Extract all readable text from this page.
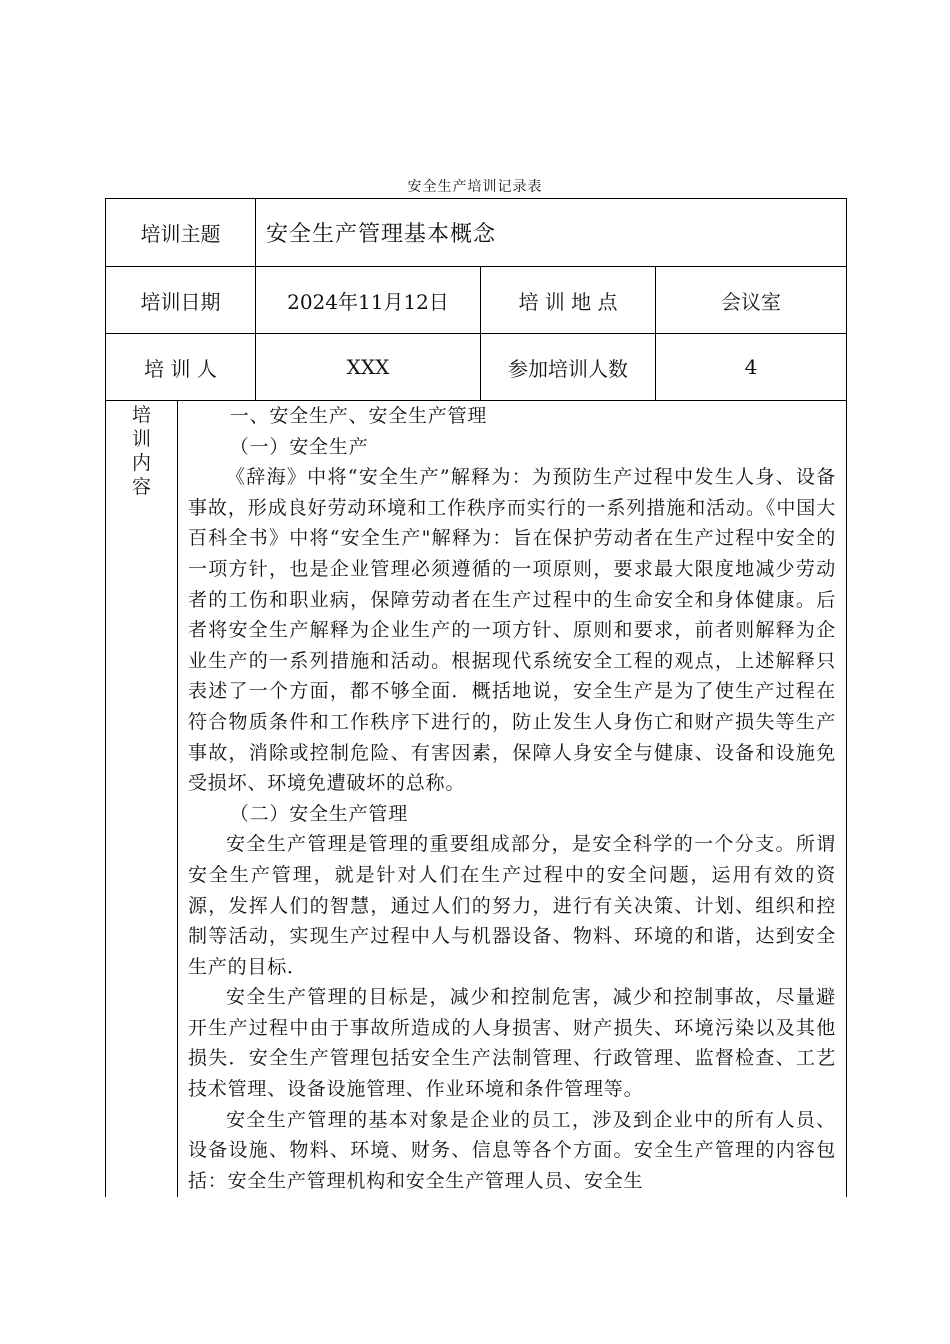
安全生产培训记录表
培训主题	安全生产管理基本概念
培训日期	2024年11月12日	培 训 地 点	会议室
培 训 人	XXX	参加培训人数	4
培
训
内
容

一、安全生产、安全生产管理

（一）安全生产

《辞海》中将“安全生产”解释为：为预防生产过程中发生人身、设备事故，形成良好劳动环境和工作秩序而实行的一系列措施和活动。《中国大百科全书》中将“安全生产"解释为：旨在保护劳动者在生产过程中安全的一项方针，也是企业管理必须遵循的一项原则，要求最大限度地减少劳动者的工伤和职业病，保障劳动者在生产过程中的生命安全和身体健康。后者将安全生产解释为企业生产的一项方针、原则和要求，前者则解释为企业生产的一系列措施和活动。根据现代系统安全工程的观点，上述解释只表述了一个方面，都不够全面．概括地说，安全生产是为了使生产过程在符合物质条件和工作秩序下进行的，防止发生人身伤亡和财产损失等生产事故，消除或控制危险、有害因素，保障人身安全与健康、设备和设施免受损坏、环境免遭破坏的总称。

（二）安全生产管理

安全生产管理是管理的重要组成部分，是安全科学的一个分支。所谓安全生产管理，就是针对人们在生产过程中的安全问题，运用有效的资源，发挥人们的智慧，通过人们的努力，进行有关决策、计划、组织和控制等活动，实现生产过程中人与机器设备、物料、环境的和谐，达到安全生产的目标．

安全生产管理的目标是，减少和控制危害，减少和控制事故，尽量避开生产过程中由于事故所造成的人身损害、财产损失、环境污染以及其他损失．安全生产管理包括安全生产法制管理、行政管理、监督检查、工艺技术管理、设备设施管理、作业环境和条件管理等。

安全生产管理的基本对象是企业的员工，涉及到企业中的所有人员、设备设施、物料、环境、财务、信息等各个方面。安全生产管理的内容包括：安全生产管理机构和安全生产管理人员、安全生
